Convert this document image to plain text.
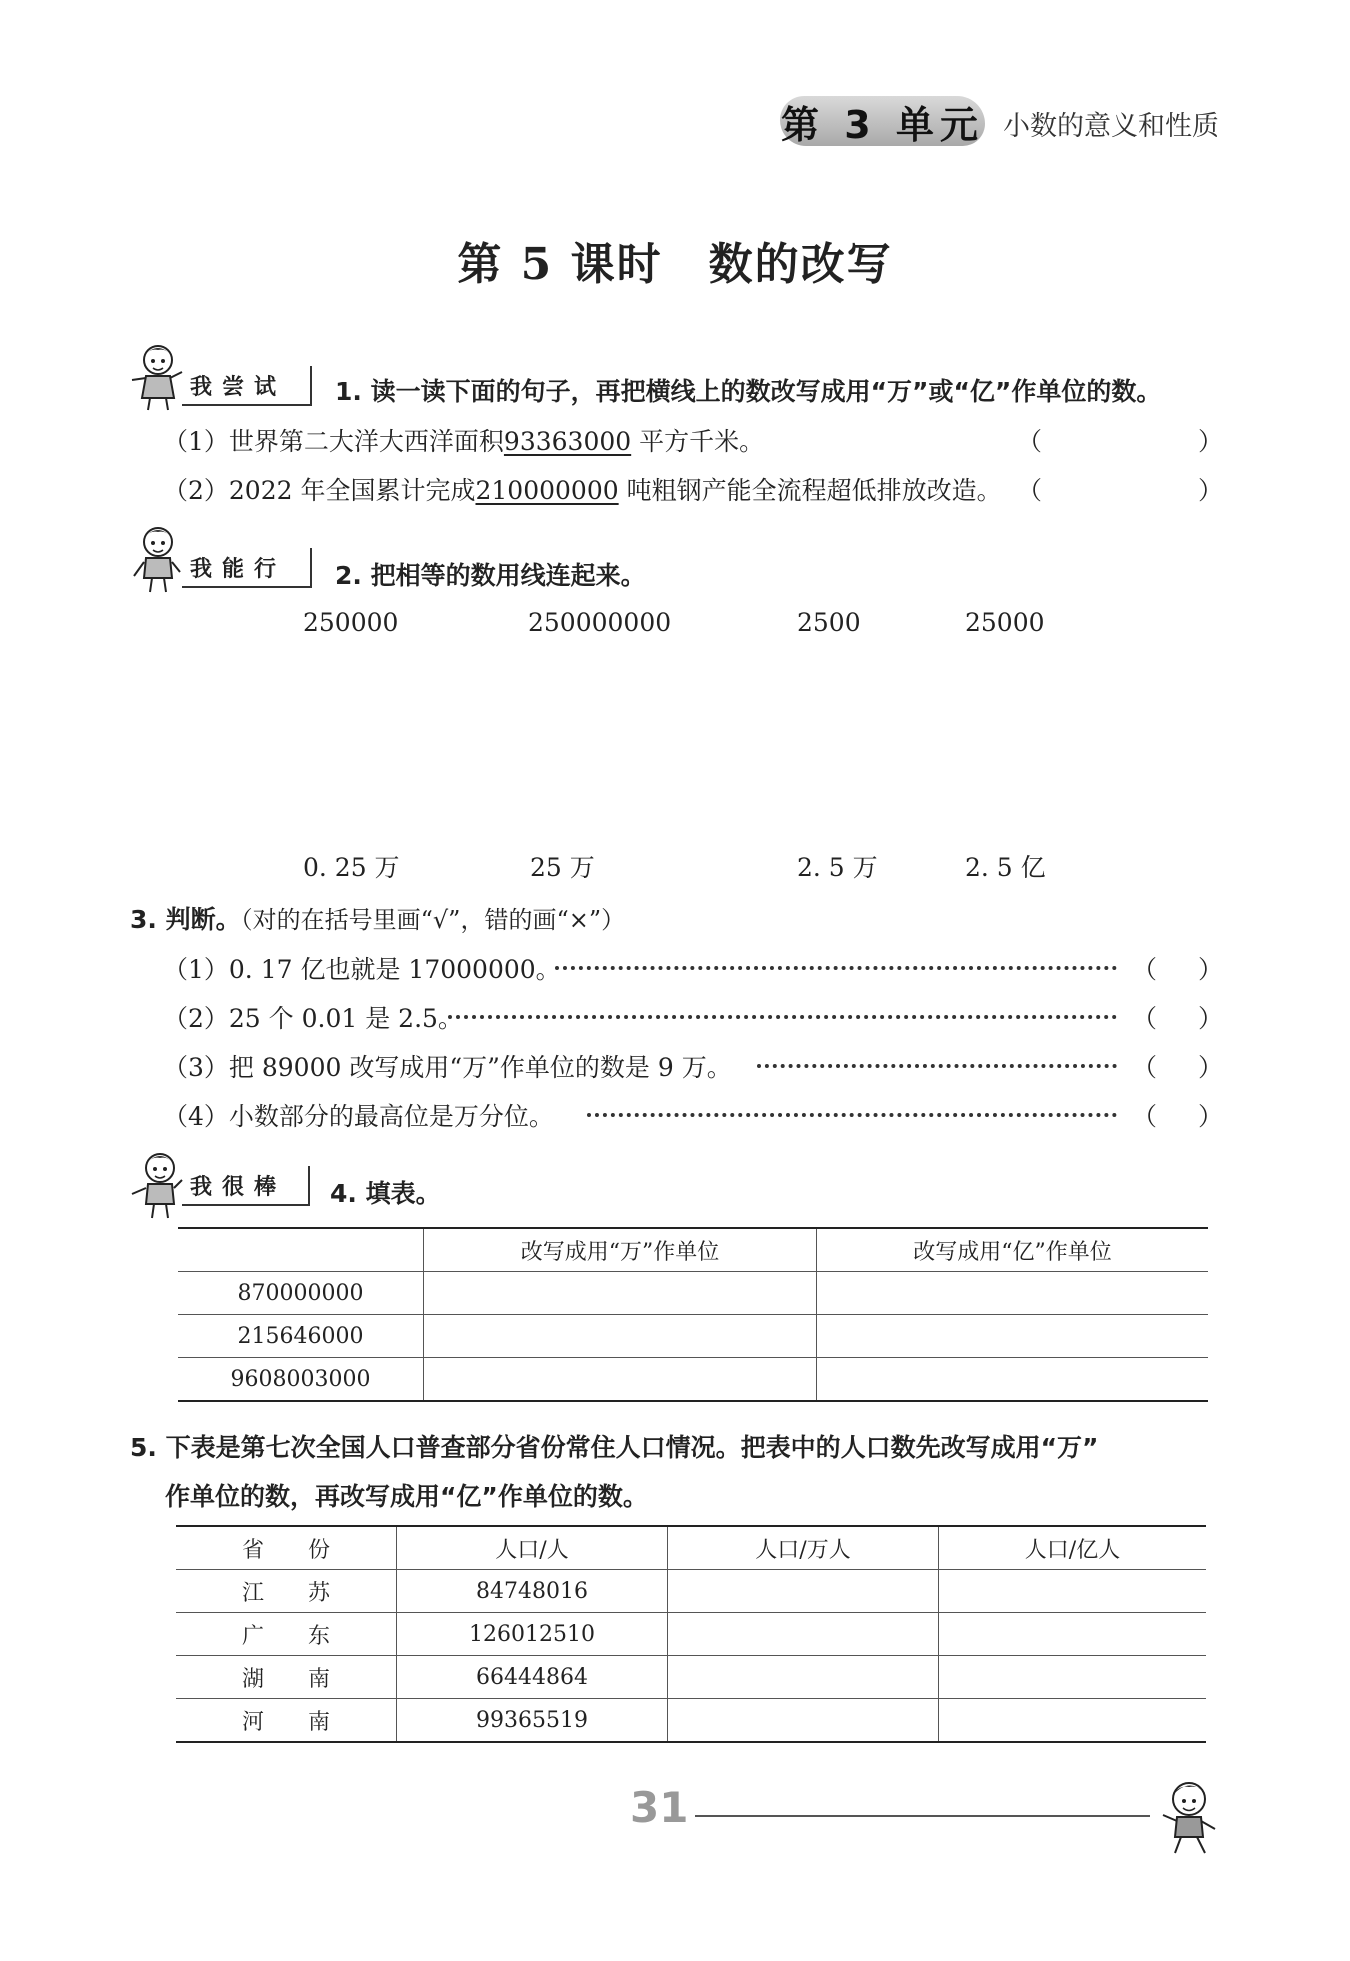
第 3 单元 小数的意义和性质
第 5 课时　数的改写
我尝试	1. 读一读下面的句子，再把横线上的数改写成用“万”或“亿”作单位的数。
（1）世界第二大洋大西洋面积93363000 平方千米。	（	）
（2）2022 年全国累计完成210000000 吨粗钢产能全流程超低排放改造。 （	）
我能行	2. 把相等的数用线连起来。
250000	250000000	2500	25000
0. 25 万	25 万	2. 5 万	2. 5 亿
3. 判断。（对的在括号里画“√”，错的画“×”）
（1）0. 17 亿也就是 17000000。	（ ）
（2）25 个 0.01 是 2.5。	（ ）
（3）把 89000 改写成用“万”作单位的数是 9 万。	（ ）
（4）小数部分的最高位是万分位。	（ ）
我很棒	4. 填表。
	改写成用“万”作单位	改写成用“亿”作单位
870000000		
215646000		
9608003000		
5. 下表是第七次全国人口普查部分省份常住人口情况。把表中的人口数先改写成用“万”
作单位的数，再改写成用“亿”作单位的数。
省　　份	人口/人	人口/万人	人口/亿人
江　　苏	84748016		
广　　东	126012510		
湖　　南	66444864		
河　　南	99365519		
31
